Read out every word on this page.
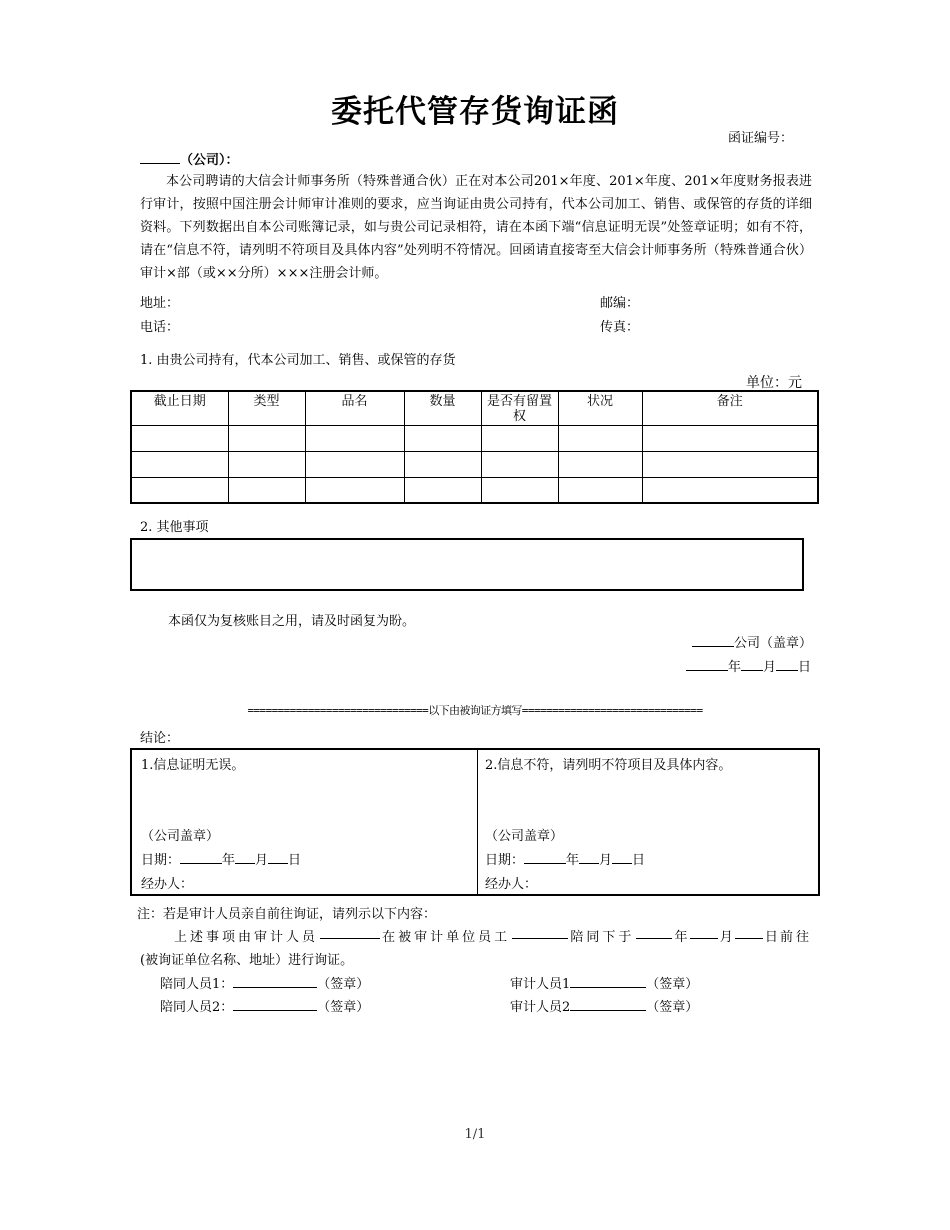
委托代管存货询证函
函证编号：
（公司）：

本公司聘请的大信会计师事务所（特殊普通合伙）正在对本公司201×年度、201×年度、201×年度财务报表进行审计，按照中国注册会计师审计准则的要求，应当询证由贵公司持有，代本公司加工、销售、或保管的存货的详细资料。下列数据出自本公司账簿记录，如与贵公司记录相符，请在本函下端“信息证明无误”处签章证明；如有不符，请在“信息不符，请列明不符项目及具体内容”处列明不符情况。回函请直接寄至大信会计师事务所（特殊普通合伙）审计×部（或××分所）×××注册会计师。

地址：	邮编：
电话：	传真：
1. 由贵公司持有，代本公司加工、销售、或保管的存货
单位：元
截止日期	类型	品名	数量	是否有留置权	状况	备注

2. 其他事项
本函仅为复核账目之用，请及时函复为盼。
公司（盖章）
年 月 日
==============================以下由被询证方填写==============================
结论：
1.信息证明无误。
（公司盖章）
日期：	年 月 日
经办人：
2.信息不符，请列明不符项目及具体内容。
（公司盖章）
日期：	年 月 日
经办人：
注：若是审计人员亲自前往询证，请列示以下内容：
上述事项由审计人员	在被审计单位员工	陪同下于	年 月 日 前往
(被询证单位名称、地址）进行询证。
陪同人员1：	（签章）	审计人员1	（签章）
陪同人员2：	（签章）	审计人员2	（签章）
1/1
